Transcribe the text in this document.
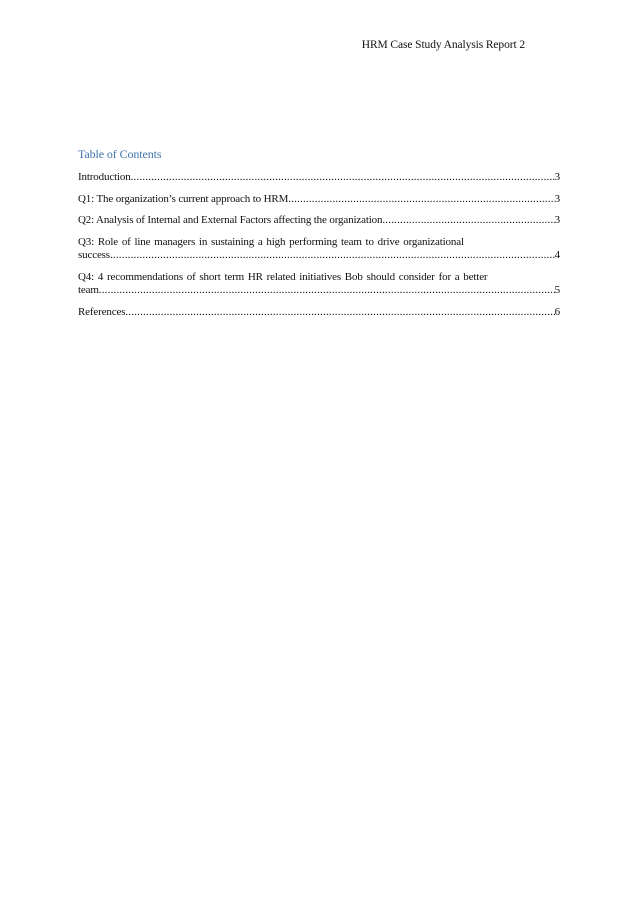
HRM Case Study Analysis Report 2
Table of Contents
Introduction .....	3
Q1: The organization’s current approach to HRM .....	3
Q2: Analysis of Internal and External Factors affecting the organization .....	3
Q3: Role of line managers in sustaining a high performing team to drive organizational
success .....	4
Q4: 4 recommendations of short term HR related initiatives Bob should consider for a better
team .....	5
References .....	6
